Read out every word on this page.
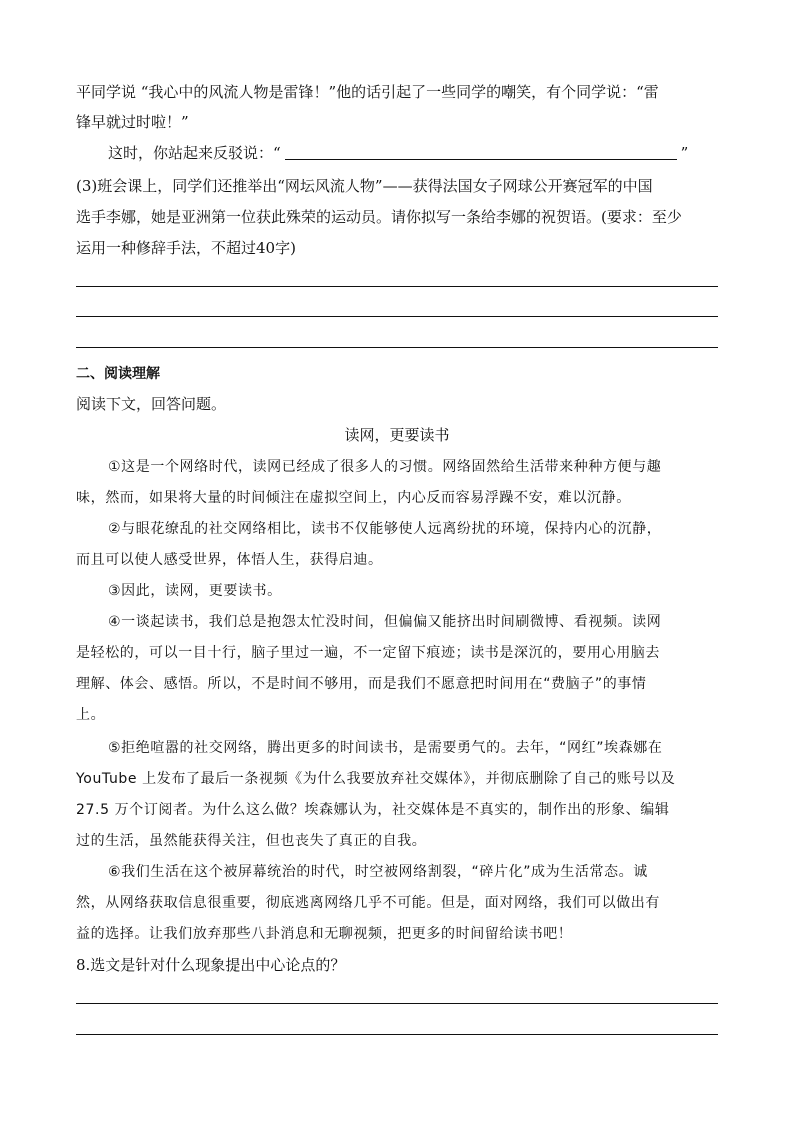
平同学说 “我心中的风流人物是雷锋！”他的话引起了一些同学的嘲笑，有个同学说：“雷
锋早就过时啦！”
这时，你站起来反驳说：“	”
(3)班会课上，同学们还推举出“网坛风流人物”——获得法国女子网球公开赛冠军的中国
选手李娜，她是亚洲第一位获此殊荣的运动员。请你拟写一条给李娜的祝贺语。(要求：至少
运用一种修辞手法，不超过40字)
二、阅读理解
阅读下文，回答问题。
读网，更要读书
①这是一个网络时代，读网已经成了很多人的习惯。网络固然给生活带来种种方便与趣
味，然而，如果将大量的时间倾注在虚拟空间上，内心反而容易浮躁不安，难以沉静。
②与眼花缭乱的社交网络相比，读书不仅能够使人远离纷扰的环境，保持内心的沉静，
而且可以使人感受世界，体悟人生，获得启迪。
③因此，读网，更要读书。
④一谈起读书，我们总是抱怨太忙没时间，但偏偏又能挤出时间刷微博、看视频。读网
是轻松的，可以一目十行，脑子里过一遍，不一定留下痕迹；读书是深沉的，要用心用脑去
理解、体会、感悟。所以，不是时间不够用，而是我们不愿意把时间用在“费脑子”的事情
上。
⑤拒绝喧嚣的社交网络，腾出更多的时间读书，是需要勇气的。去年，“网红”埃森娜在
YouTube 上发布了最后一条视频《为什么我要放弃社交媒体》，并彻底删除了自己的账号以及
27.5 万个订阅者。为什么这么做？埃森娜认为，社交媒体是不真实的，制作出的形象、编辑
过的生活，虽然能获得关注，但也丧失了真正的自我。
⑥我们生活在这个被屏幕统治的时代，时空被网络割裂，“碎片化”成为生活常态。诚
然，从网络获取信息很重要，彻底逃离网络几乎不可能。但是，面对网络，我们可以做出有
益的选择。让我们放弃那些八卦消息和无聊视频，把更多的时间留给读书吧！
8.选文是针对什么现象提出中心论点的？
